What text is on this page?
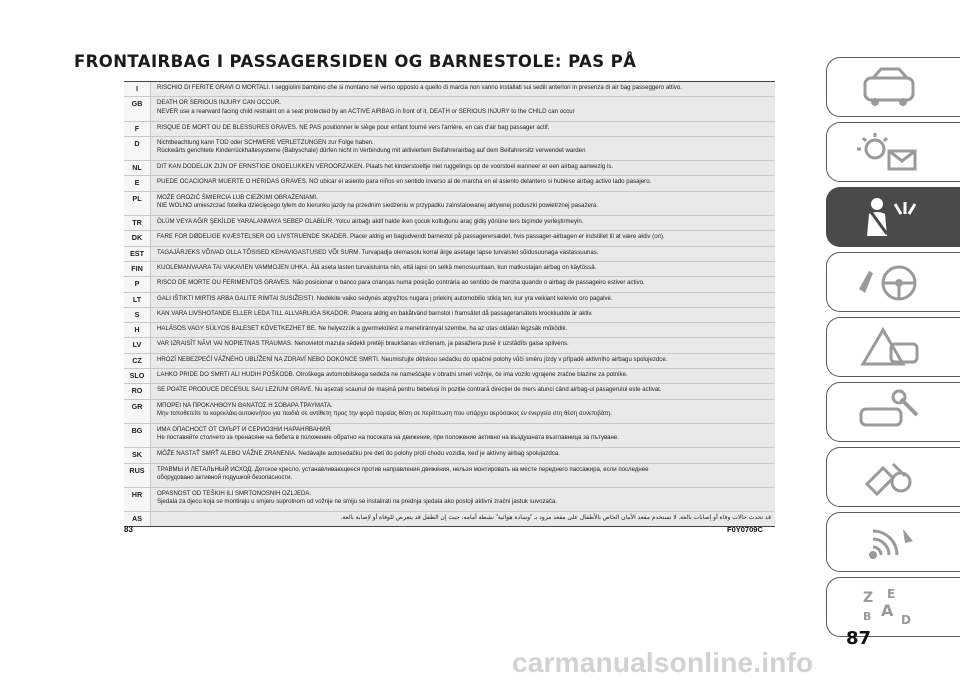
FRONTAIRBAG I PASSAGERSIDEN OG BARNESTOLE: PAS PÅ
I	RISCHIO DI FERITE GRAVI O MORTALI. I seggiolini bambino che si montano nel verso opposto a quello di marcia non vanno installati sui sedili anteriori in presenza di air bag passeggero attivo.
GB	DEATH OR SERIOUS INJURY CAN OCCUR.
NEVER use a rearward facing child restraint on a seat protected by an ACTIVE AIRBAG in front of it, DEATH or SERIOUS INJURY to the CHILD can occur
F	RISQUE DE MORT OU DE BLESSURES GRAVES. NE PAS positionner le siège pour enfant tourné vers l'arrière, en cas d'air bag passager actif.
D	Nichtbeachtung kann TOD oder SCHWERE VERLETZUNGEN zur Folge haben.
Rückwärts gerichtete Kinderrückhaltesysteme (Babyschale) dürfen nicht in Verbindung mit aktiviertem Beifahrerairbag auf dem Beifahrersitz verwendet warden
NL	DIT KAN DODELIJK ZIJN OF ERNSTIGE ONGELUKKEN VEROORZAKEN. Plaats het kinderstoeltje niet ruggelings op de voorstoel wanneer er een airbag aanwezig is.
E	PUEDE OCACIONAR MUERTE O HERIDAS GRAVES. NO ubicar el asiento para niños en sentido inverso al de marcha en el asiento delantero si hubiese airbag activo lado pasajero.
PL	MOŻE GROZIĆ ŚMIERCIA LUB CIEŻKIMI OBRAŻENIAMI.
NIE WOLNO umieszczać fotelika dziecięcego tyłem do kierunku jazdy na przednim siedzeniu w przypadku zainstalowanej aktywnej poduszki powietrznej pasażera.
TR	ÖLÜM VEYA AĞIR ŞEKİLDE YARALANMAYA SEBEP OLABİLİR. Yolcu airbağı aktif halde iken çocuk koltuğunu araç gidiş yönüne ters biçimde yerleştirmeyin.
DK	FARE FOR DØDELIGE KVÆSTELSER OG LIVSTRUENDE SKADER. Placer aldrig en bagudvendt barnestol på passagerersædet, hvis passager-airbagen er indstillet til at være aktiv (on).
EST	TAGAJÄRJEKS VÕIVAD OLLA TÕSISED KEHAVIGASTUSED VÕI SURM. Turvapadja olemasolu korral ärge asetage lapse turvaistet sõidusuunaga vastassuunas.
FIN	KUOLEMANVAARA TAI VAKAVIEN VAMMOJEN UHKA. Älä aseta lasten turvaistuinta niin, että lapsi on selkä menosuuntaan, kun matkustajan airbag on käytössä.
P	RISCO DE MORTE OU FERIMENTOS GRAVES. Não posicionar o banco para crianças numa posição contrária ao sentido de marcha quando o airbag de passageiro estiver activo.
LT	GALI IŠTIKTI MIRTIS ARBA GALITE RIMTAI SUSIŽEISTI. Nedėkite vaiko sėdynės atgręžtos nugara į priekinį automobilio stiklą ten, kur yra veikiant keleivio oro pagalvė.
S	KAN VARA LIVSHOTANDE ELLER LEDA TILL ALLVARLIGA SKADOR. Placera aldrig en bakåtvänd barnstol i framsätet då passagerarsätets krockkudde är aktiv.
H	HALÁSOS VAGY SÚLYOS BALESET KÖVETKEZHET BE. Ne helyezzük a gyermekülést a menetiránnyal szembe, ha az utas oldalán légzsák működik.
LV	VAR IZRAISĪT NĀVI VAI NOPIETNAS TRAUMAS. Nenovietot mazuļa sēdekli pretēji braukšanas virzienam, ja pasažiera pusē ir uzstādīts gaisa spilvens.
CZ	HROZÍ NEBEZPEČÍ VÁŽNÉHO UBLÍŽENÍ NA ZDRAVÍ NEBO DOKONCE SMRTI. Neumisťujte dětskou sedačku do opačné polohy vůči směru jízdy v případě aktivního airbagu spolujezdce.
SLO	LAHKO PRIDE DO SMRTI ALI HUDIH POŠKODB. Otroškega avtomobilskega sedeža ne nameščajte v obratni smeri vožnje, če ima vozilo vgrajene zračne blazine za potnike.
RO	SE POATE PRODUCE DECESUL SAU LEZIUNI GRAVE. Nu așezați scaunul de mașină pentru bebeluși în poziție contrară direcției de mers atunci când airbag-ul pasagerului este activat.
GR	ΜΠΟΡΕΙ ΝΑ ΠΡΟΚΛΗΘΟΥΝ ΘΑΝΑΤΟΣ Η ΣΟΒΑΡΑ ΤΡΑΥΜΑΤΑ.
Μην τοποθετείτε το καρεκλάκι αυτοκινήτου για παιδιά σε αντίθετη προς την φορά πορείας θέση σε περίπτωση που υπάρχει αερόσακος εν ενεργεία στη θέση συνεπιβάτη.
BG	ИМА ОПАСНОСТ ОТ СМЪРТ И СЕРИОЗНИ НАРАНЯВАНИЯ.
Не поставяйте столчето за пренасяне на бебета в положение обратно на посоката на движение, при положение активно на въздушната възглавница за пътуване.
SK	MÔŽE NASTAŤ SMRŤ ALEBO VÁŽNE ZRANENIA. Nedávajte autosedačku pre deti do polohy proti chodu vozidla, keď je aktívny airbag spolujazdca.
RUS	ТРАВМЫ И ЛЕТАЛЬНЫЙ ИСХОД. Детское кресло, устанавливающееся против направления движения, нельзя монтировать на месте переднего пассажира, если последнее
оборудовано активной подушкой безопасности.
HR	OPASNOST OD TEŠKIH ILI SMRTONOSNIH OZLJEDA.
Sjedala za djecu koja se montiraju u smjeru suprotnom od vožnje ne smiju se instalirati na prednja sjedala ako postoji aktivni zračni jastuk suvozača.
AS	قد تحدث حالات وفاة أو إصابات بالغة. لا تستخدم مقعد الأمان الخاص بالأطفال على مقعد مزود بـ "وسادة هوائية" نشطة أمامه، حيث إن الطفل قد يتعرض للوفاة أو لإصابة بالغة.
83	F0Y0709C
Z E
A
B D
87
carmanualsonline.info
